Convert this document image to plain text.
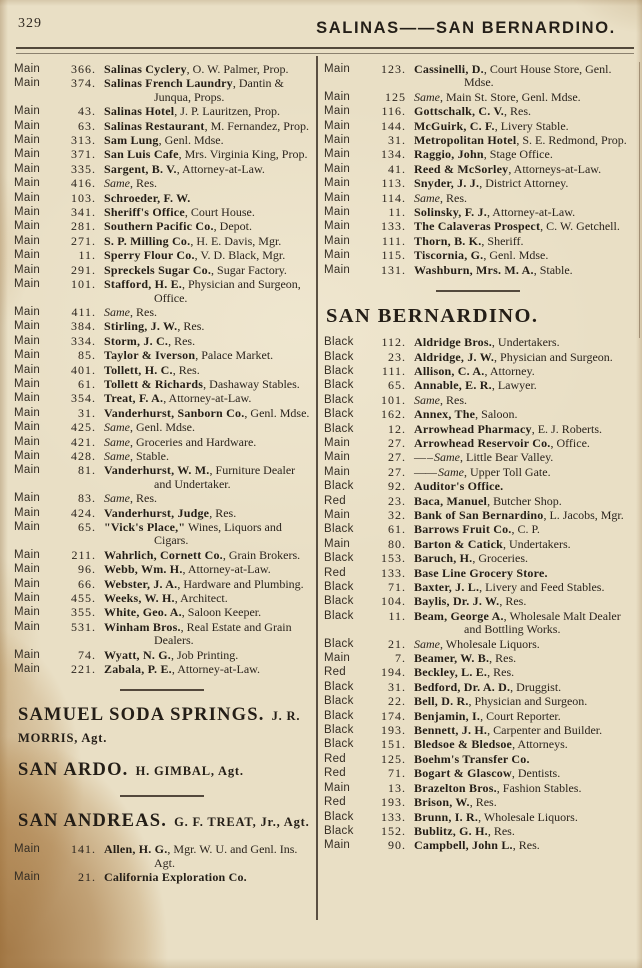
329	SALINAS——SAN BERNARDINO.
Main	366. Salinas Cyclery, O. W. Palmer, Prop.
Main	374. Salinas French Laundry, Dantin & Junqua, Props.
Main	43. Salinas Hotel, J. P. Lauritzen, Prop.
Main	63. Salinas Restaurant, M. Fernandez, Prop.
Main	313. Sam Lung, Genl. Mdse.
Main	371. San Luis Cafe, Mrs. Virginia King, Prop.
Main	335. Sargent, B. V., Attorney-at-Law.
Main	416. Same, Res.
Main	103. Schroeder, F. W.
Main	341. Sheriff's Office, Court House.
Main	281. Southern Pacific Co., Depot.
Main	271. S. P. Milling Co., H. E. Davis, Mgr.
Main	11. Sperry Flour Co., V. D. Black, Mgr.
Main	291. Spreckels Sugar Co., Sugar Factory.
Main	101. Stafford, H. E., Physician and Surgeon, Office.
Main	411. Same, Res.
Main	384. Stirling, J. W., Res.
Main	334. Storm, J. C., Res.
Main	85. Taylor & Iverson, Palace Market.
Main	401. Tollett, H. C., Res.
Main	61. Tollett & Richards, Dashaway Stables.
Main	354. Treat, F. A., Attorney-at-Law.
Main	31. Vanderhurst, Sanborn Co., Genl. Mdse.
Main	425. Same, Genl. Mdse.
Main	421. Same, Groceries and Hardware.
Main	428. Same, Stable.
Main	81. Vanderhurst, W. M., Furniture Dealer and Undertaker.
Main	83. Same, Res.
Main	424. Vanderhurst, Judge, Res.
Main	65. "Vick's Place," Wines, Liquors and Cigars.
Main	211. Wahrlich, Cornett Co., Grain Brokers.
Main	96. Webb, Wm. H., Attorney-at-Law.
Main	66. Webster, J. A., Hardware and Plumbing.
Main	455. Weeks, W. H., Architect.
Main	355. White, Geo. A., Saloon Keeper.
Main	531. Winham Bros., Real Estate and Grain Dealers.
Main	74. Wyatt, N. G., Job Printing.
Main	221. Zabala, P. E., Attorney-at-Law.
SAMUEL SODA SPRINGS. J. R. MORRIS, Agt.
SAN ARDO. H. GIMBAL, Agt.
SAN ANDREAS. G. F. TREAT, Jr., Agt.
Main	141. Allen, H. G., Mgr. W. U. and Genl. Ins. Agt.
Main	21. California Exploration Co.
Main	123. Cassinelli, D., Court House Store, Genl. Mdse.
Main	125 Same, Main St. Store, Genl. Mdse.
Main	116. Gottschalk, C. V., Res.
Main	144. McGuirk, C. F., Livery Stable.
Main	31. Metropolitan Hotel, S. E. Redmond, Prop.
Main	134. Raggio, John, Stage Office.
Main	41. Reed & McSorley, Attorneys-at-Law.
Main	113. Snyder, J. J., District Attorney.
Main	114. Same, Res.
Main	11. Solinsky, F. J., Attorney-at-Law.
Main	133. The Calaveras Prospect, C. W. Getchell.
Main	111. Thorn, B. K., Sheriff.
Main	115. Tiscornia, G., Genl. Mdse.
Main	131. Washburn, Mrs. M. A., Stable.
SAN BERNARDINO.
Black	112. Aldridge Bros., Undertakers.
Black	23. Aldridge, J. W., Physician and Surgeon.
Black	111. Allison, C. A., Attorney.
Black	65. Annable, E. R., Lawyer.
Black	101. Same, Res.
Black	162. Annex, The, Saloon.
Black	12. Arrowhead Pharmacy, E. J. Roberts.
Main	27. Arrowhead Reservoir Co., Office.
Main	27. — – Same, Little Bear Valley.
Main	27. —— Same, Upper Toll Gate.
Black	92. Auditor's Office.
Red	23. Baca, Manuel, Butcher Shop.
Main	32. Bank of San Bernardino, L. Jacobs, Mgr.
Black	61. Barrows Fruit Co., C. P.
Main	80. Barton & Catick, Undertakers.
Black	153. Baruch, H., Groceries.
Red	133. Base Line Grocery Store.
Black	71. Baxter, J. L., Livery and Feed Stables.
Black	104. Baylis, Dr. J. W., Res.
Black	11. Beam, George A., Wholesale Malt Dealer and Bottling Works.
Black	21. Same, Wholesale Liquors.
Main	7. Beamer, W. B., Res.
Red	194. Beckley, L. E., Res.
Black	31. Bedford, Dr. A. D., Druggist.
Black	22. Bell, D. R., Physician and Surgeon.
Black	174. Benjamin, I., Court Reporter.
Black	193. Bennett, J. H., Carpenter and Builder.
Black	151. Bledsoe & Bledsoe, Attorneys.
Red	125. Boehm's Transfer Co.
Red	71. Bogart & Glascow, Dentists.
Main	13. Brazelton Bros., Fashion Stables.
Red	193. Brison, W., Res.
Black	133. Brunn, I. R., Wholesale Liquors.
Black	152. Bublitz, G. H., Res.
Main	90. Campbell, John L., Res.
